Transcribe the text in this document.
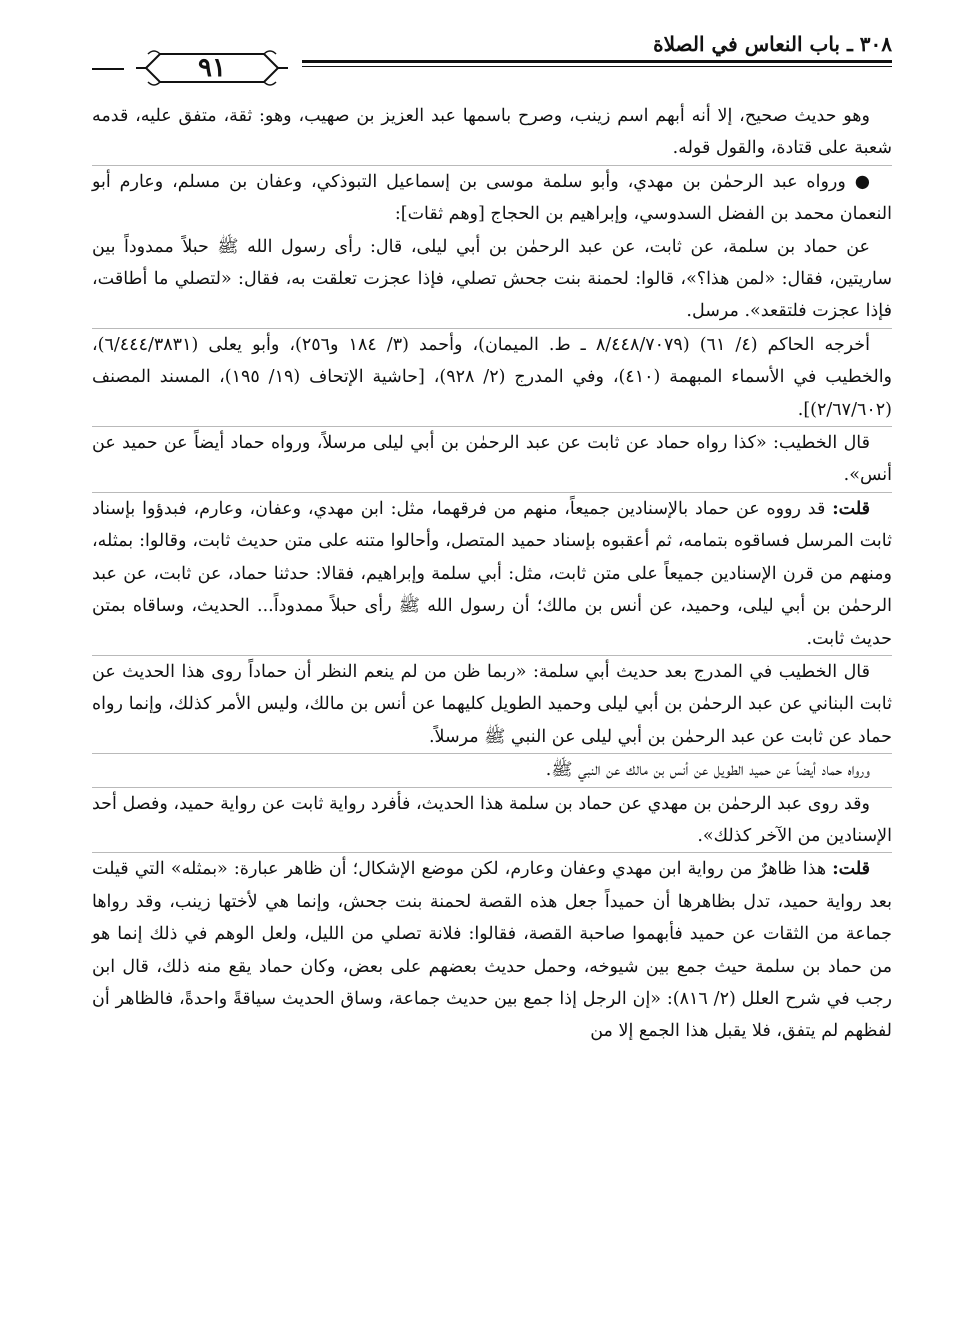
٣٠٨ ـ باب النعاس في الصلاة
٩١

وهو حديث صحيح، إلا أنه أبهم اسم زينب، وصرح باسمها عبد العزيز بن صهيب، وهو: ثقة، متفق عليه، قدمه شعبة على قتادة، والقول قوله.

● ورواه عبد الرحمٰن بن مهدي، وأبو سلمة موسى بن إسماعيل التبوذكي، وعفان بن مسلم، وعارم أبو النعمان محمد بن الفضل السدوسي، وإبراهيم بن الحجاج [وهم ثقات]:

عن حماد بن سلمة، عن ثابت، عن عبد الرحمٰن بن أبي ليلى، قال: رأى رسول الله ﷺ حبلاً ممدوداً بين ساريتين، فقال: «لمن هذا؟»، قالوا: لحمنة بنت جحش تصلي، فإذا عجزت تعلقت به، فقال: «لتصلي ما أطاقت، فإذا عجزت فلتقعد». مرسل.

أخرجه الحاكم (٤/ ٦١) (٨/٤٤٨/٧٠٧٩ ـ ط. الميمان)، وأحمد (٣/ ١٨٤ و٢٥٦)، وأبو يعلى (٦/٤٤٤/٣٨٣١)، والخطيب في الأسماء المبهمة (٤١٠)، وفي المدرج (٢/ ٩٢٨)، [حاشية الإتحاف (١٩/ ١٩٥)، المسند المصنف (٢/٦٧/٦٠٢)].

قال الخطيب: «كذا رواه حماد عن ثابت عن عبد الرحمٰن بن أبي ليلى مرسلاً، ورواه حماد أيضاً عن حميد عن أنس».

قلت: قد رووه عن حماد بالإسنادين جميعاً، منهم من فرقهما، مثل: ابن مهدي، وعفان، وعارم، فبدؤوا بإسناد ثابت المرسل فساقوه بتمامه، ثم أعقبوه بإسناد حميد المتصل، وأحالوا متنه على متن حديث ثابت، وقالوا: بمثله، ومنهم من قرن الإسنادين جميعاً على متن ثابت، مثل: أبي سلمة وإبراهيم، فقالا: حدثنا حماد، عن ثابت، عن عبد الرحمٰن بن أبي ليلى، وحميد، عن أنس بن مالك؛ أن رسول الله ﷺ رأى حبلاً ممدوداً... الحديث، وساقاه بمتن حديث ثابت.

قال الخطيب في المدرج بعد حديث أبي سلمة: «ربما ظن من لم ينعم النظر أن حماداً روى هذا الحديث عن ثابت البناني عن عبد الرحمٰن بن أبي ليلى وحميد الطويل كليهما عن أنس بن مالك، وليس الأمر كذلك، وإنما رواه حماد عن ثابت عن عبد الرحمٰن بن أبي ليلى عن النبي ﷺ مرسلاً.

ورواه حماد أيضاً عن حميد الطويل عن أنس بن مالك عن النبي ﷺ.

وقد روى عبد الرحمٰن بن مهدي عن حماد بن سلمة هذا الحديث، فأفرد رواية ثابت عن رواية حميد، وفصل أحد الإسنادين من الآخر كذلك».

قلت: هذا ظاهرٌ من رواية ابن مهدي وعفان وعارم، لكن موضع الإشكال؛ أن ظاهر عبارة: «بمثله» التي قيلت بعد رواية حميد، تدل بظاهرها أن حميداً جعل هذه القصة لحمنة بنت جحش، وإنما هي لأختها زينب، وقد رواها جماعة من الثقات عن حميد فأبهموا صاحبة القصة، فقالوا: فلانة تصلي من الليل، ولعل الوهم في ذلك إنما هو من حماد بن سلمة حيث جمع بين شيوخه، وحمل حديث بعضهم على بعض، وكان حماد يقع منه ذلك، قال ابن رجب في شرح العلل (٢/ ٨١٦): «إن الرجل إذا جمع بين حديث جماعة، وساق الحديث سياقةً واحدةً، فالظاهر أن لفظهم لم يتفق، فلا يقبل هذا الجمع إلا من
